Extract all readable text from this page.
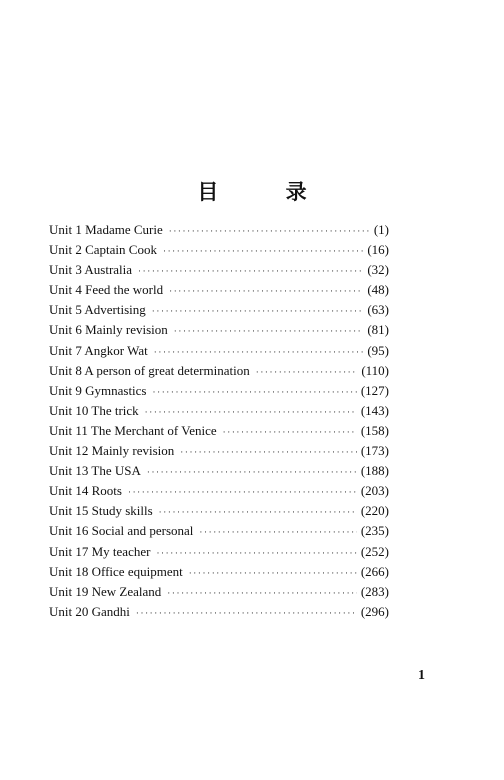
目 录
Unit 1 Madame Curie ·····	(1)
Unit 2 Captain Cook ·····	(16)
Unit 3 Australia ·····	(32)
Unit 4 Feed the world ·····	(48)
Unit 5 Advertising ·····	(63)
Unit 6 Mainly revision ·····	(81)
Unit 7 Angkor Wat ·····	(95)
Unit 8 A person of great determination ·····	(110)
Unit 9 Gymnastics ·····	(127)
Unit 10 The trick ·····	(143)
Unit 11 The Merchant of Venice ·····	(158)
Unit 12 Mainly revision ·····	(173)
Unit 13 The USA ·····	(188)
Unit 14 Roots ·····	(203)
Unit 15 Study skills ·····	(220)
Unit 16 Social and personal ·····	(235)
Unit 17 My teacher ·····	(252)
Unit 18 Office equipment ·····	(266)
Unit 19 New Zealand ·····	(283)
Unit 20 Gandhi ·····	(296)
1
